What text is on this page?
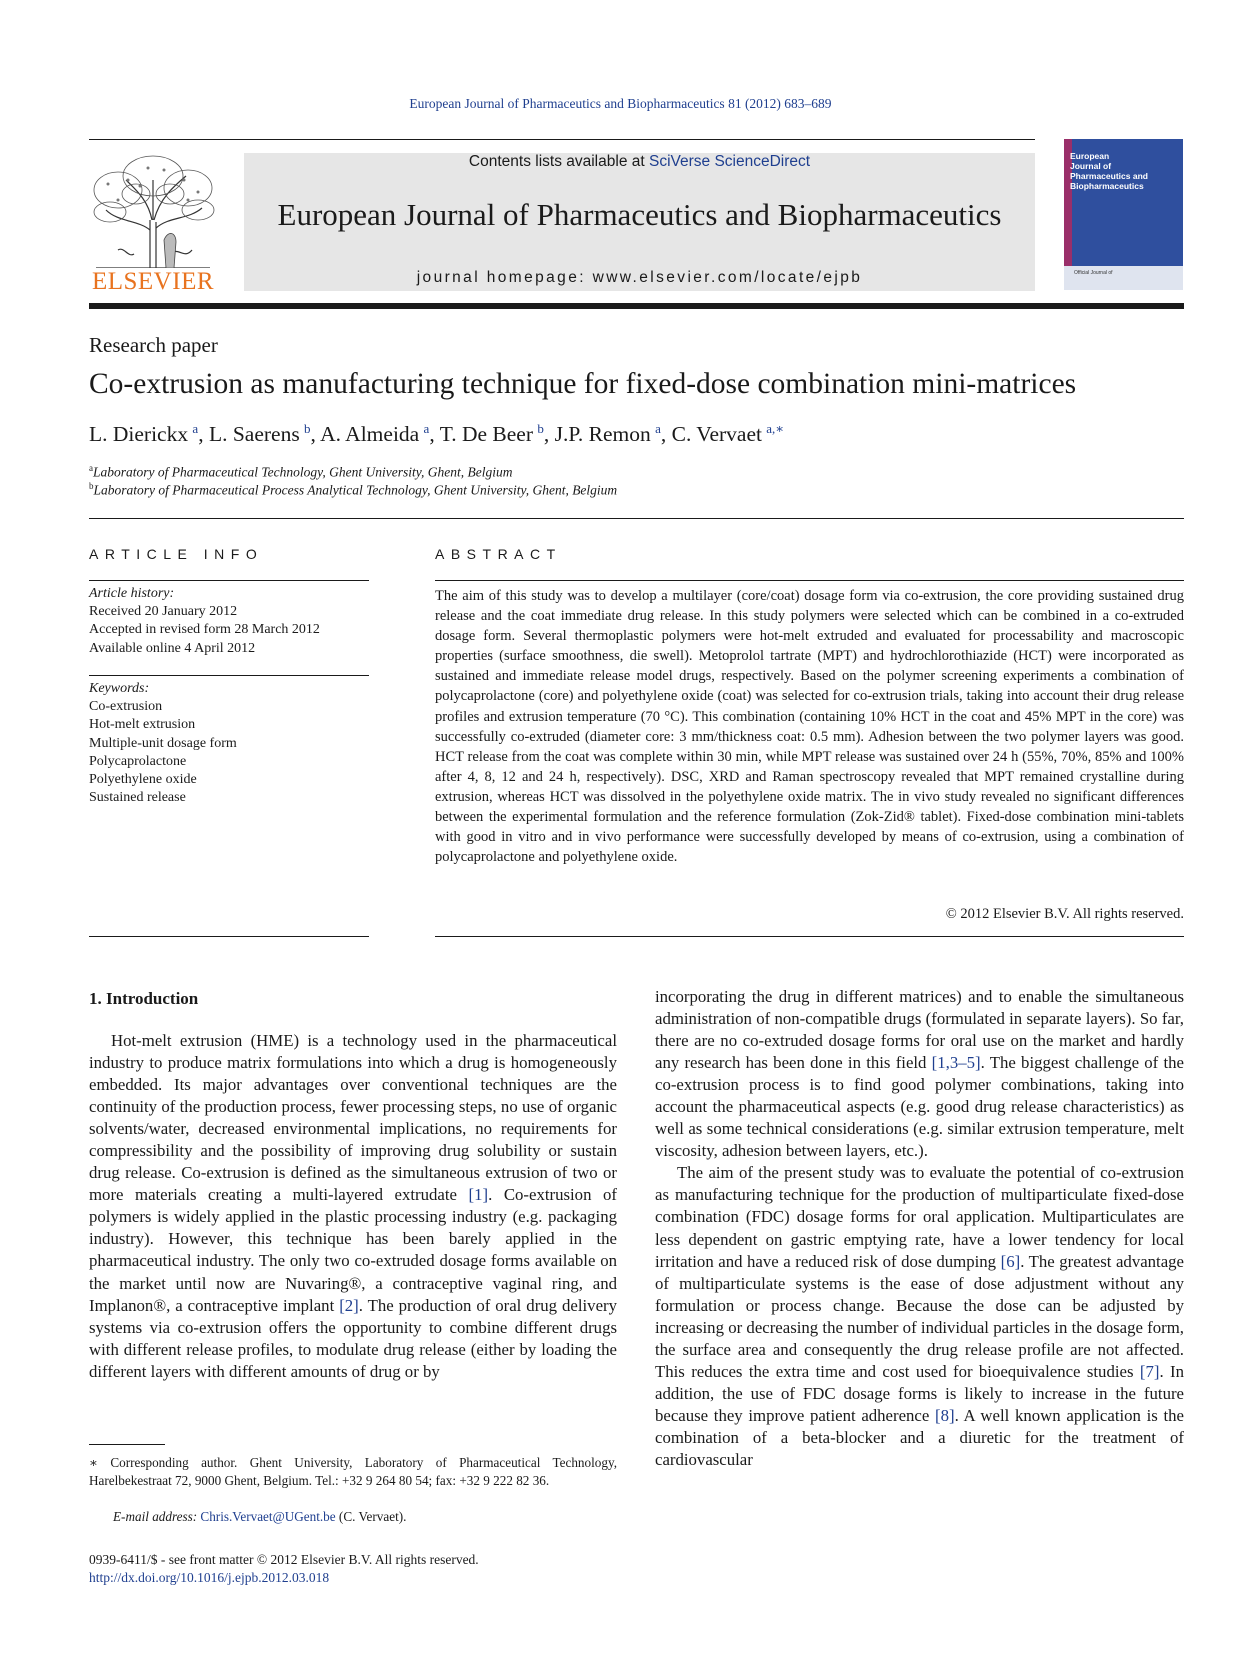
European Journal of Pharmaceutics and Biopharmaceutics 81 (2012) 683–689
ELSEVIER
Contents lists available at SciVerse ScienceDirect
European Journal of Pharmaceutics and Biopharmaceutics
journal homepage: www.elsevier.com/locate/ejpb
European
Journal of
Pharmaceutics and
Biopharmaceutics
Official Journal of
Research paper
Co-extrusion as manufacturing technique for fixed-dose combination mini-matrices
L. Dierickx  $^a$, L. Saerens  $^b$, A. Almeida  $^a$, T. De Beer  $^b$, J.P. Remon  $^a$, C. Vervaet  $^{a,∗}$
$^a$Laboratory of Pharmaceutical Technology, Ghent University, Ghent, Belgium
$^b$Laboratory of Pharmaceutical Process Analytical Technology, Ghent University, Ghent, Belgium
ARTICLE INFO
Article history:
Received 20 January 2012
Accepted in revised form 28 March 2012
Available online 4 April 2012
Keywords:
Co-extrusion
Hot-melt extrusion
Multiple-unit dosage form
Polycaprolactone
Polyethylene oxide
Sustained release
ABSTRACT
The aim of this study was to develop a multilayer (core/coat) dosage form via co-extrusion, the core providing sustained drug release and the coat immediate drug release. In this study polymers were selected which can be combined in a co-extruded dosage form. Several thermoplastic polymers were hot-melt extruded and evaluated for processability and macroscopic properties (surface smoothness, die swell). Metoprolol tartrate (MPT) and hydrochlorothiazide (HCT) were incorporated as sustained and immediate release model drugs, respectively. Based on the polymer screening experiments a combination of polycaprolactone (core) and polyethylene oxide (coat) was selected for co-extrusion trials, taking into account their drug release profiles and extrusion temperature (70 °C). This combination (containing 10% HCT in the coat and 45% MPT in the core) was successfully co-extruded (diameter core: 3 mm/thickness coat: 0.5 mm). Adhesion between the two polymer layers was good. HCT release from the coat was complete within 30 min, while MPT release was sustained over 24 h (55%, 70%, 85% and 100% after 4, 8, 12 and 24 h, respectively). DSC, XRD and Raman spectroscopy revealed that MPT remained crystalline during extrusion, whereas HCT was dissolved in the polyethylene oxide matrix. The in vivo study revealed no significant differences between the experimental formulation and the reference formulation (Zok-Zid® tablet). Fixed-dose combination mini-tablets with good in vitro and in vivo performance were successfully developed by means of co-extrusion, using a combination of polycaprolactone and polyethylene oxide.
© 2012 Elsevier B.V. All rights reserved.
1. Introduction

Hot-melt extrusion (HME) is a technology used in the pharmaceutical industry to produce matrix formulations into which a drug is homogeneously embedded. Its major advantages over conventional techniques are the continuity of the production process, fewer processing steps, no use of organic solvents/water, decreased environmental implications, no requirements for compressibility and the possibility of improving drug solubility or sustain drug release. Co-extrusion is defined as the simultaneous extrusion of two or more materials creating a multi-layered extrudate [1]. Co-extrusion of polymers is widely applied in the plastic processing industry (e.g. packaging industry). However, this technique has been barely applied in the pharmaceutical industry. The only two co-extruded dosage forms available on the market until now are Nuvaring®, a contraceptive vaginal ring, and Implanon®, a contraceptive implant [2]. The production of oral drug delivery systems via co-extrusion offers the opportunity to combine different drugs with different release profiles, to modulate drug release (either by loading the different layers with different amounts of drug or by

incorporating the drug in different matrices) and to enable the simultaneous administration of non-compatible drugs (formulated in separate layers). So far, there are no co-extruded dosage forms for oral use on the market and hardly any research has been done in this field [1,3–5]. The biggest challenge of the co-extrusion process is to find good polymer combinations, taking into account the pharmaceutical aspects (e.g. good drug release characteristics) as well as some technical considerations (e.g. similar extrusion temperature, melt viscosity, adhesion between layers, etc.).

The aim of the present study was to evaluate the potential of co-extrusion as manufacturing technique for the production of multiparticulate fixed-dose combination (FDC) dosage forms for oral application. Multiparticulates are less dependent on gastric emptying rate, have a lower tendency for local irritation and have a reduced risk of dose dumping [6]. The greatest advantage of multiparticulate systems is the ease of dose adjustment without any formulation or process change. Because the dose can be adjusted by increasing or decreasing the number of individual particles in the dosage form, the surface area and consequently the drug release profile are not affected. This reduces the extra time and cost used for bioequivalence studies [7]. In addition, the use of FDC dosage forms is likely to increase in the future because they improve patient adherence [8]. A well known application is the combination of a beta-blocker and a diuretic for the treatment of cardiovascular

∗ Corresponding author. Ghent University, Laboratory of Pharmaceutical Technology, Harelbekestraat 72, 9000 Ghent, Belgium. Tel.: +32 9 264 80 54; fax: +32 9 222 82 36.
E-mail address: Chris.Vervaet@UGent.be (C. Vervaet).
0939-6411/$ - see front matter © 2012 Elsevier B.V. All rights reserved.
http://dx.doi.org/10.1016/j.ejpb.2012.03.018
